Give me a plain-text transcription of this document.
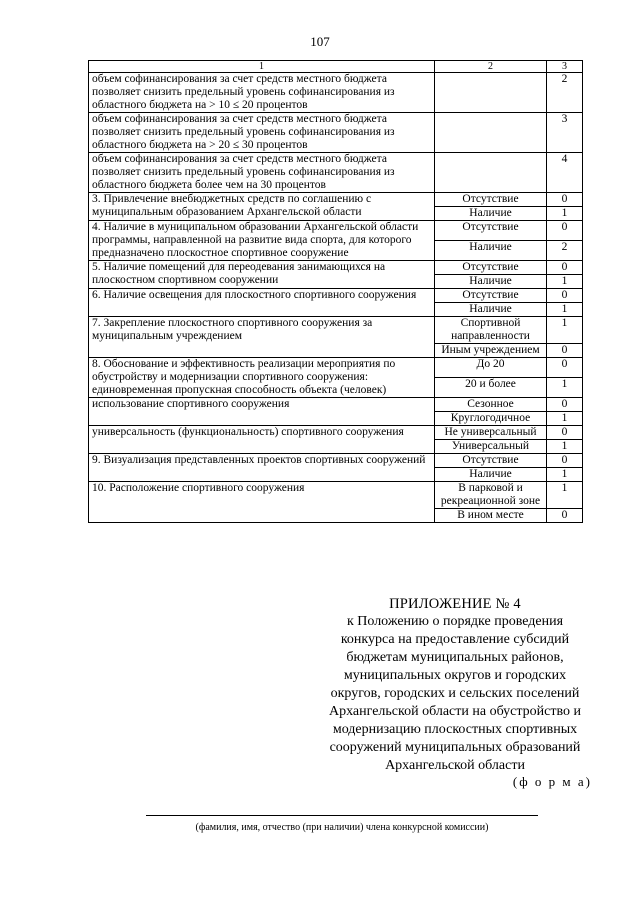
107
1	2	3
объем софинансирования за счет средств местного бюджета позволяет снизить предельный уровень софинансирования из областного бюджета на > 10 ≤ 20 процентов		2
объем софинансирования за счет средств местного бюджета позволяет снизить предельный уровень софинансирования из областного бюджета на > 20 ≤ 30 процентов		3
объем софинансирования за счет средств местного бюджета позволяет снизить предельный уровень софинансирования из областного бюджета более чем на 30 процентов		4
3. Привлечение внебюджетных средств по соглашению с муниципальным образованием Архангельской области	Отсутствие	0
	Наличие	1
4. Наличие в муниципальном образовании Архангельской области программы, направленной на развитие вида спорта, для которого предназначено плоскостное спортивное сооружение	Отсутствие	0
	Наличие	2
5. Наличие помещений для переодевания занимающихся на плоскостном спортивном сооружении	Отсутствие	0
	Наличие	1
6. Наличие освещения для плоскостного спортивного сооружения	Отсутствие	0
	Наличие	1
7. Закрепление плоскостного спортивного сооружения за муниципальным учреждением	Спортивной направленности	1
	Иным учреждением	0
8. Обоснование и эффективность реализации мероприятия по обустройству и модернизации спортивного сооружения: единовременная пропускная способность объекта (человек)	До 20	0
	20 и более	1
использование спортивного сооружения	Сезонное	0
	Круглогодичное	1
универсальность (функциональность) спортивного сооружения	Не универсальный	0
	Универсальный	1
9. Визуализация представленных проектов спортивных сооружений	Отсутствие	0
	Наличие	1
10. Расположение спортивного сооружения	В парковой и рекреационной зоне	1
	В ином месте	0
ПРИЛОЖЕНИЕ № 4
к Положению о порядке проведения
конкурса на предоставление субсидий
бюджетам муниципальных районов,
муниципальных округов и городских
округов, городских и сельских поселений
Архангельской области на обустройство и
модернизацию плоскостных спортивных
сооружений муниципальных образований
Архангельской области
(ф о р м а)
(фамилия, имя, отчество (при наличии) члена конкурсной комиссии)
